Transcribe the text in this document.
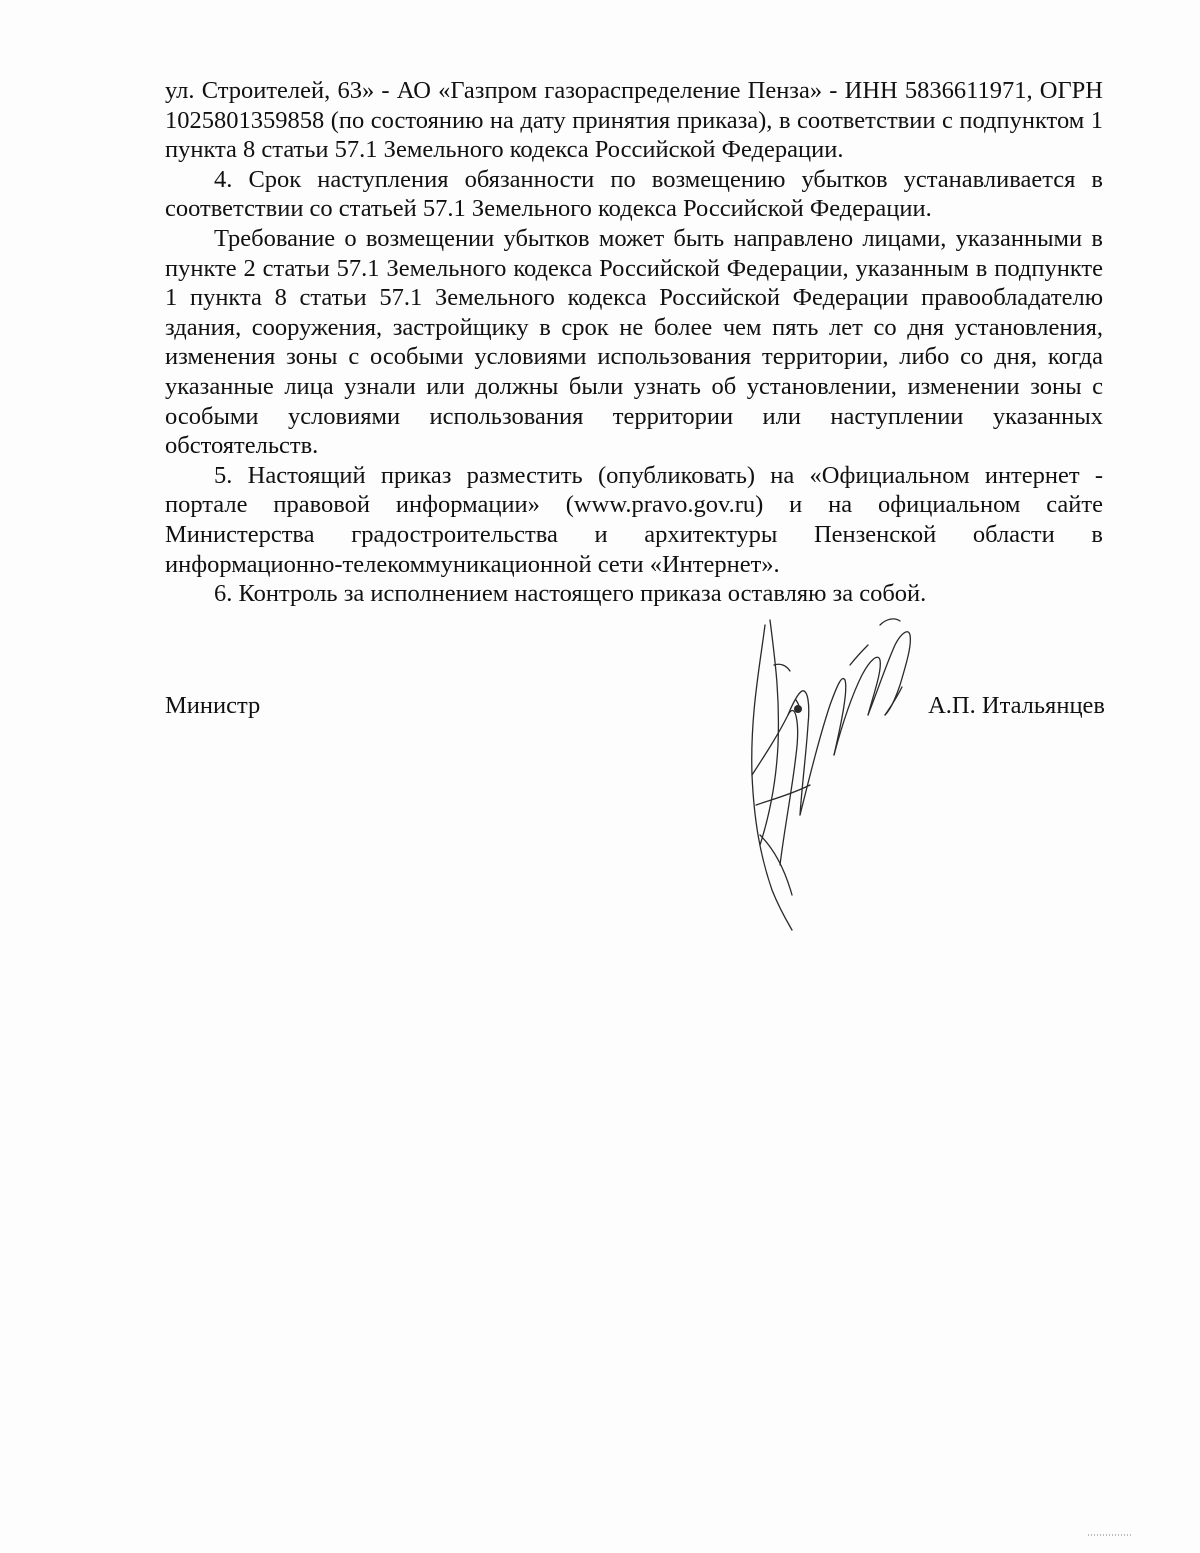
ул. Строителей, 63» - АО «Газпром газораспределение Пенза» - ИНН 5836611971, ОГРН 1025801359858 (по состоянию на дату принятия приказа), в соответствии с подпунктом 1 пункта 8 статьи 57.1 Земельного кодекса Российской Федерации.

4. Срок наступления обязанности по возмещению убытков устанавливается в соответствии со статьей 57.1 Земельного кодекса Российской Федерации.

Требование о возмещении убытков может быть направлено лицами, указанными в пункте 2 статьи 57.1 Земельного кодекса Российской Федерации, указанным в подпункте 1 пункта 8 статьи 57.1 Земельного кодекса Российской Федерации правообладателю здания, сооружения, застройщику в срок не более чем пять лет со дня установления, изменения зоны с особыми условиями использования территории, либо со дня, когда указанные лица узнали или должны были узнать об установлении, изменении зоны с особыми условиями использования территории или наступлении указанных обстоятельств.

5. Настоящий приказ разместить (опубликовать) на «Официальном интернет - портале правовой информации» (www.pravo.gov.ru) и на официальном сайте Министерства градостроительства и архитектуры Пензенской области в информационно-телекоммуникационной сети «Интернет».

6. Контроль за исполнением настоящего приказа оставляю за собой.

Министр	А.П. Итальянцев
